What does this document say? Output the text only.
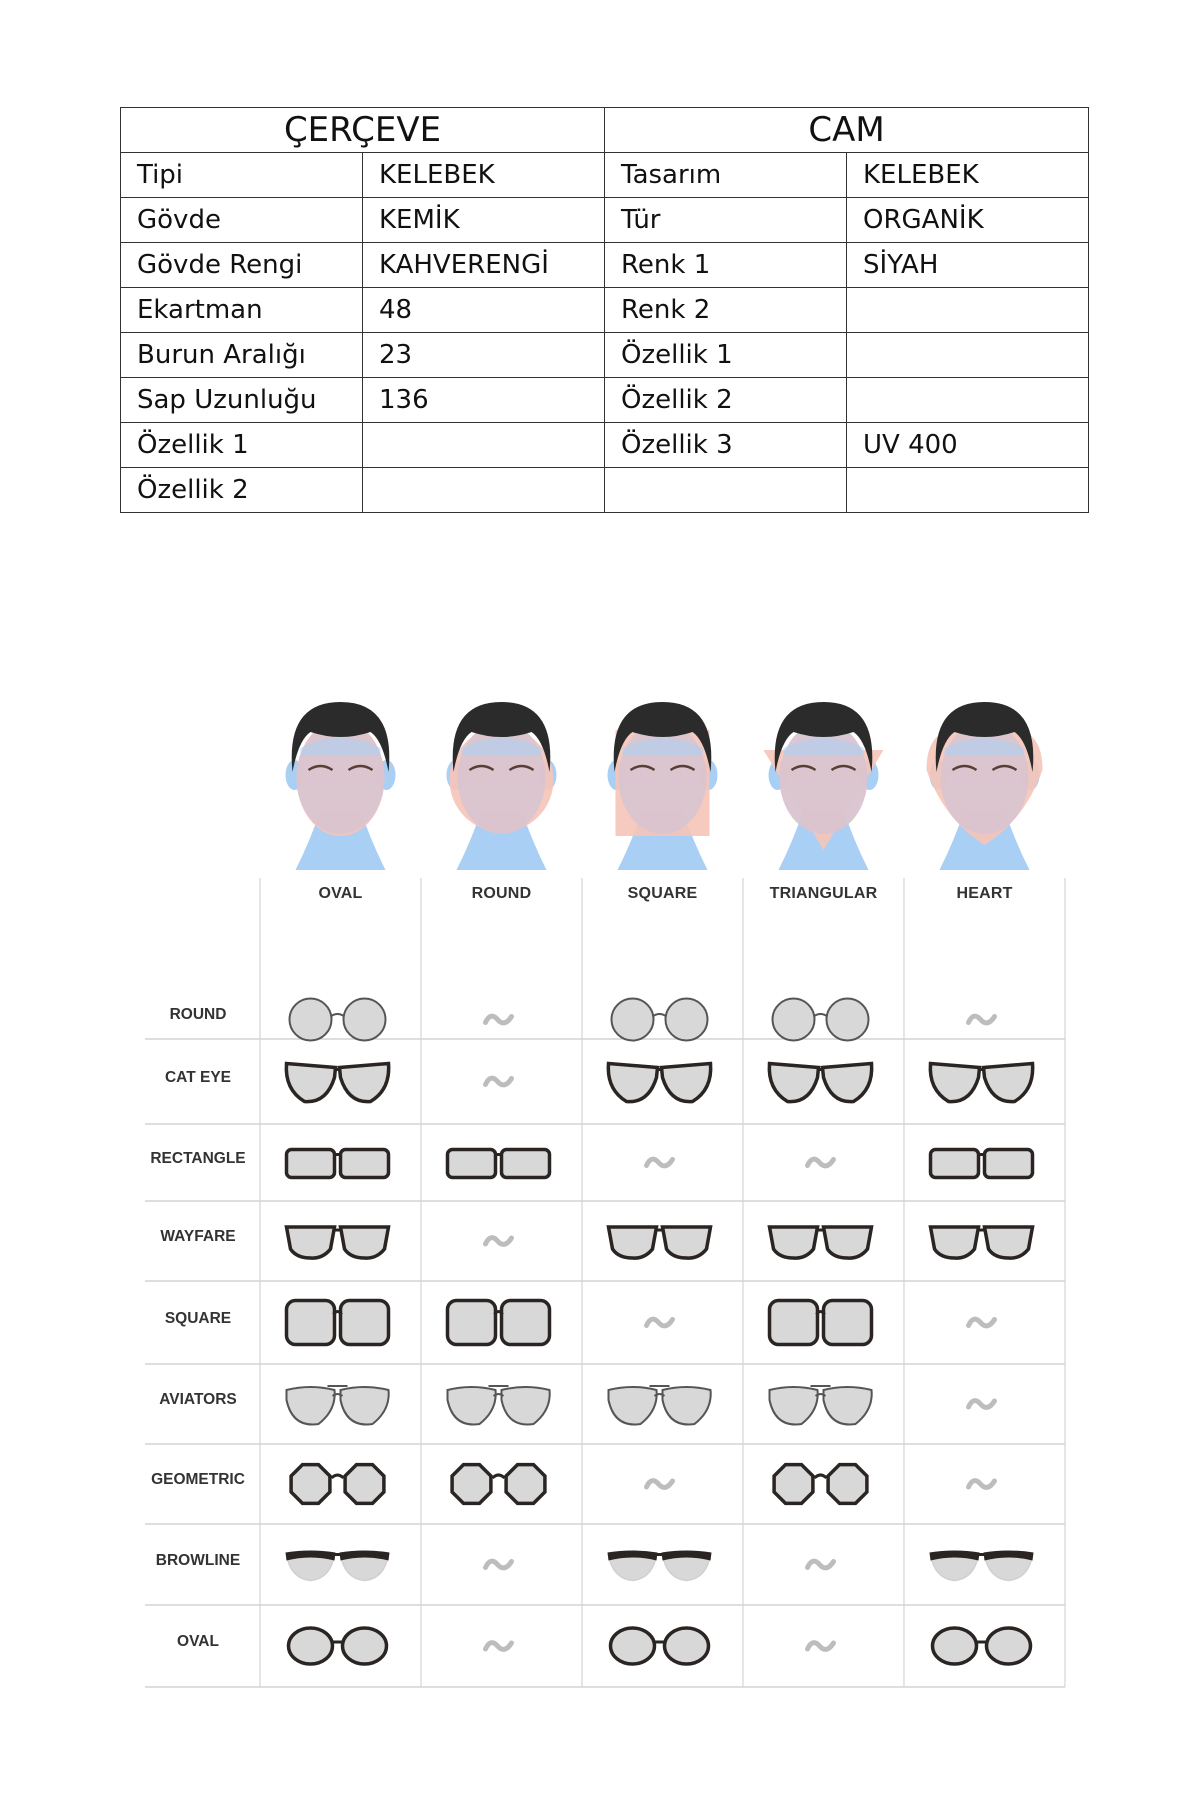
ÇERÇEVE		CAM	
Tipi	KELEBEK	Tasarım	KELEBEK
Gövde	KEMİK	Tür	ORGANİK
Gövde Rengi	KAHVERENGİ	Renk 1	SİYAH
Ekartman	48	Renk 2	
Burun Aralığı	23	Özellik 1	
Sap Uzunluğu	136	Özellik 2	
Özellik 1		Özellik 3	UV 400
Özellik 2			
OVAL	ROUND	SQUARE	TRIANGULAR	HEART
ROUND
CAT EYE
RECTANGLE
WAYFARE
SQUARE
AVIATORS
GEOMETRIC
BROWLINE
OVAL
